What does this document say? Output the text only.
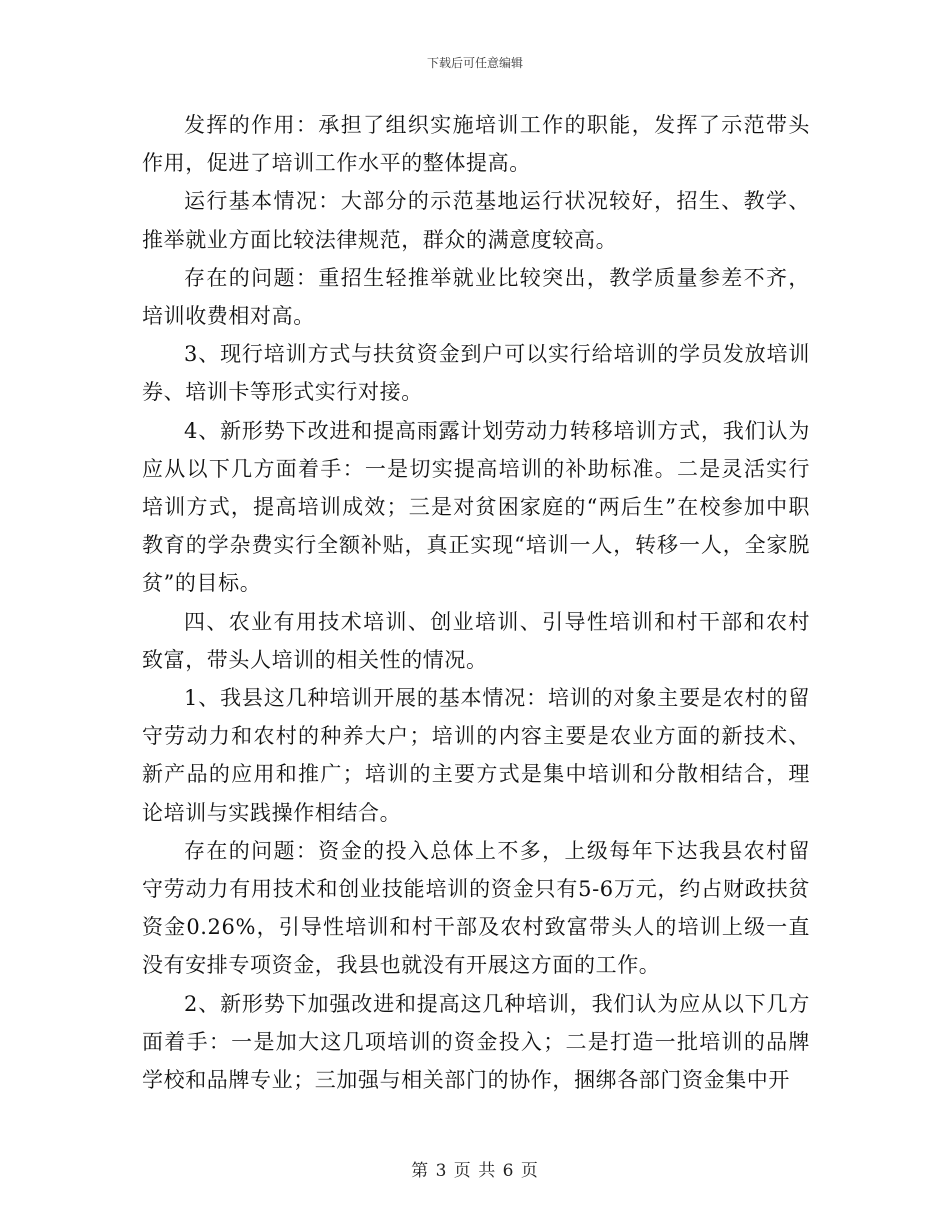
下载后可任意编辑

发挥的作用：承担了组织实施培训工作的职能，发挥了示范带头作用，促进了培训工作水平的整体提高。

运行基本情况：大部分的示范基地运行状况较好，招生、教学、推举就业方面比较法律规范，群众的满意度较高。

存在的问题：重招生轻推举就业比较突出，教学质量参差不齐，培训收费相对高。

3、现行培训方式与扶贫资金到户可以实行给培训的学员发放培训券、培训卡等形式实行对接。

4、新形势下改进和提高雨露计划劳动力转移培训方式，我们认为应从以下几方面着手：一是切实提高培训的补助标准。二是灵活实行培训方式，提高培训成效；三是对贫困家庭的“两后生”在校参加中职教育的学杂费实行全额补贴，真正实现“培训一人，转移一人，全家脱贫”的目标。

四、农业有用技术培训、创业培训、引导性培训和村干部和农村致富，带头人培训的相关性的情况。

1、我县这几种培训开展的基本情况：培训的对象主要是农村的留守劳动力和农村的种养大户；培训的内容主要是农业方面的新技术、新产品的应用和推广；培训的主要方式是集中培训和分散相结合，理论培训与实践操作相结合。

存在的问题：资金的投入总体上不多，上级每年下达我县农村留守劳动力有用技术和创业技能培训的资金只有5-6万元，约占财政扶贫资金0.26%，引导性培训和村干部及农村致富带头人的培训上级一直没有安排专项资金，我县也就没有开展这方面的工作。

2、新形势下加强改进和提高这几种培训，我们认为应从以下几方面着手：一是加大这几项培训的资金投入；二是打造一批培训的品牌学校和品牌专业；三加强与相关部门的协作，捆绑各部门资金集中开

第 3 页 共 6 页
